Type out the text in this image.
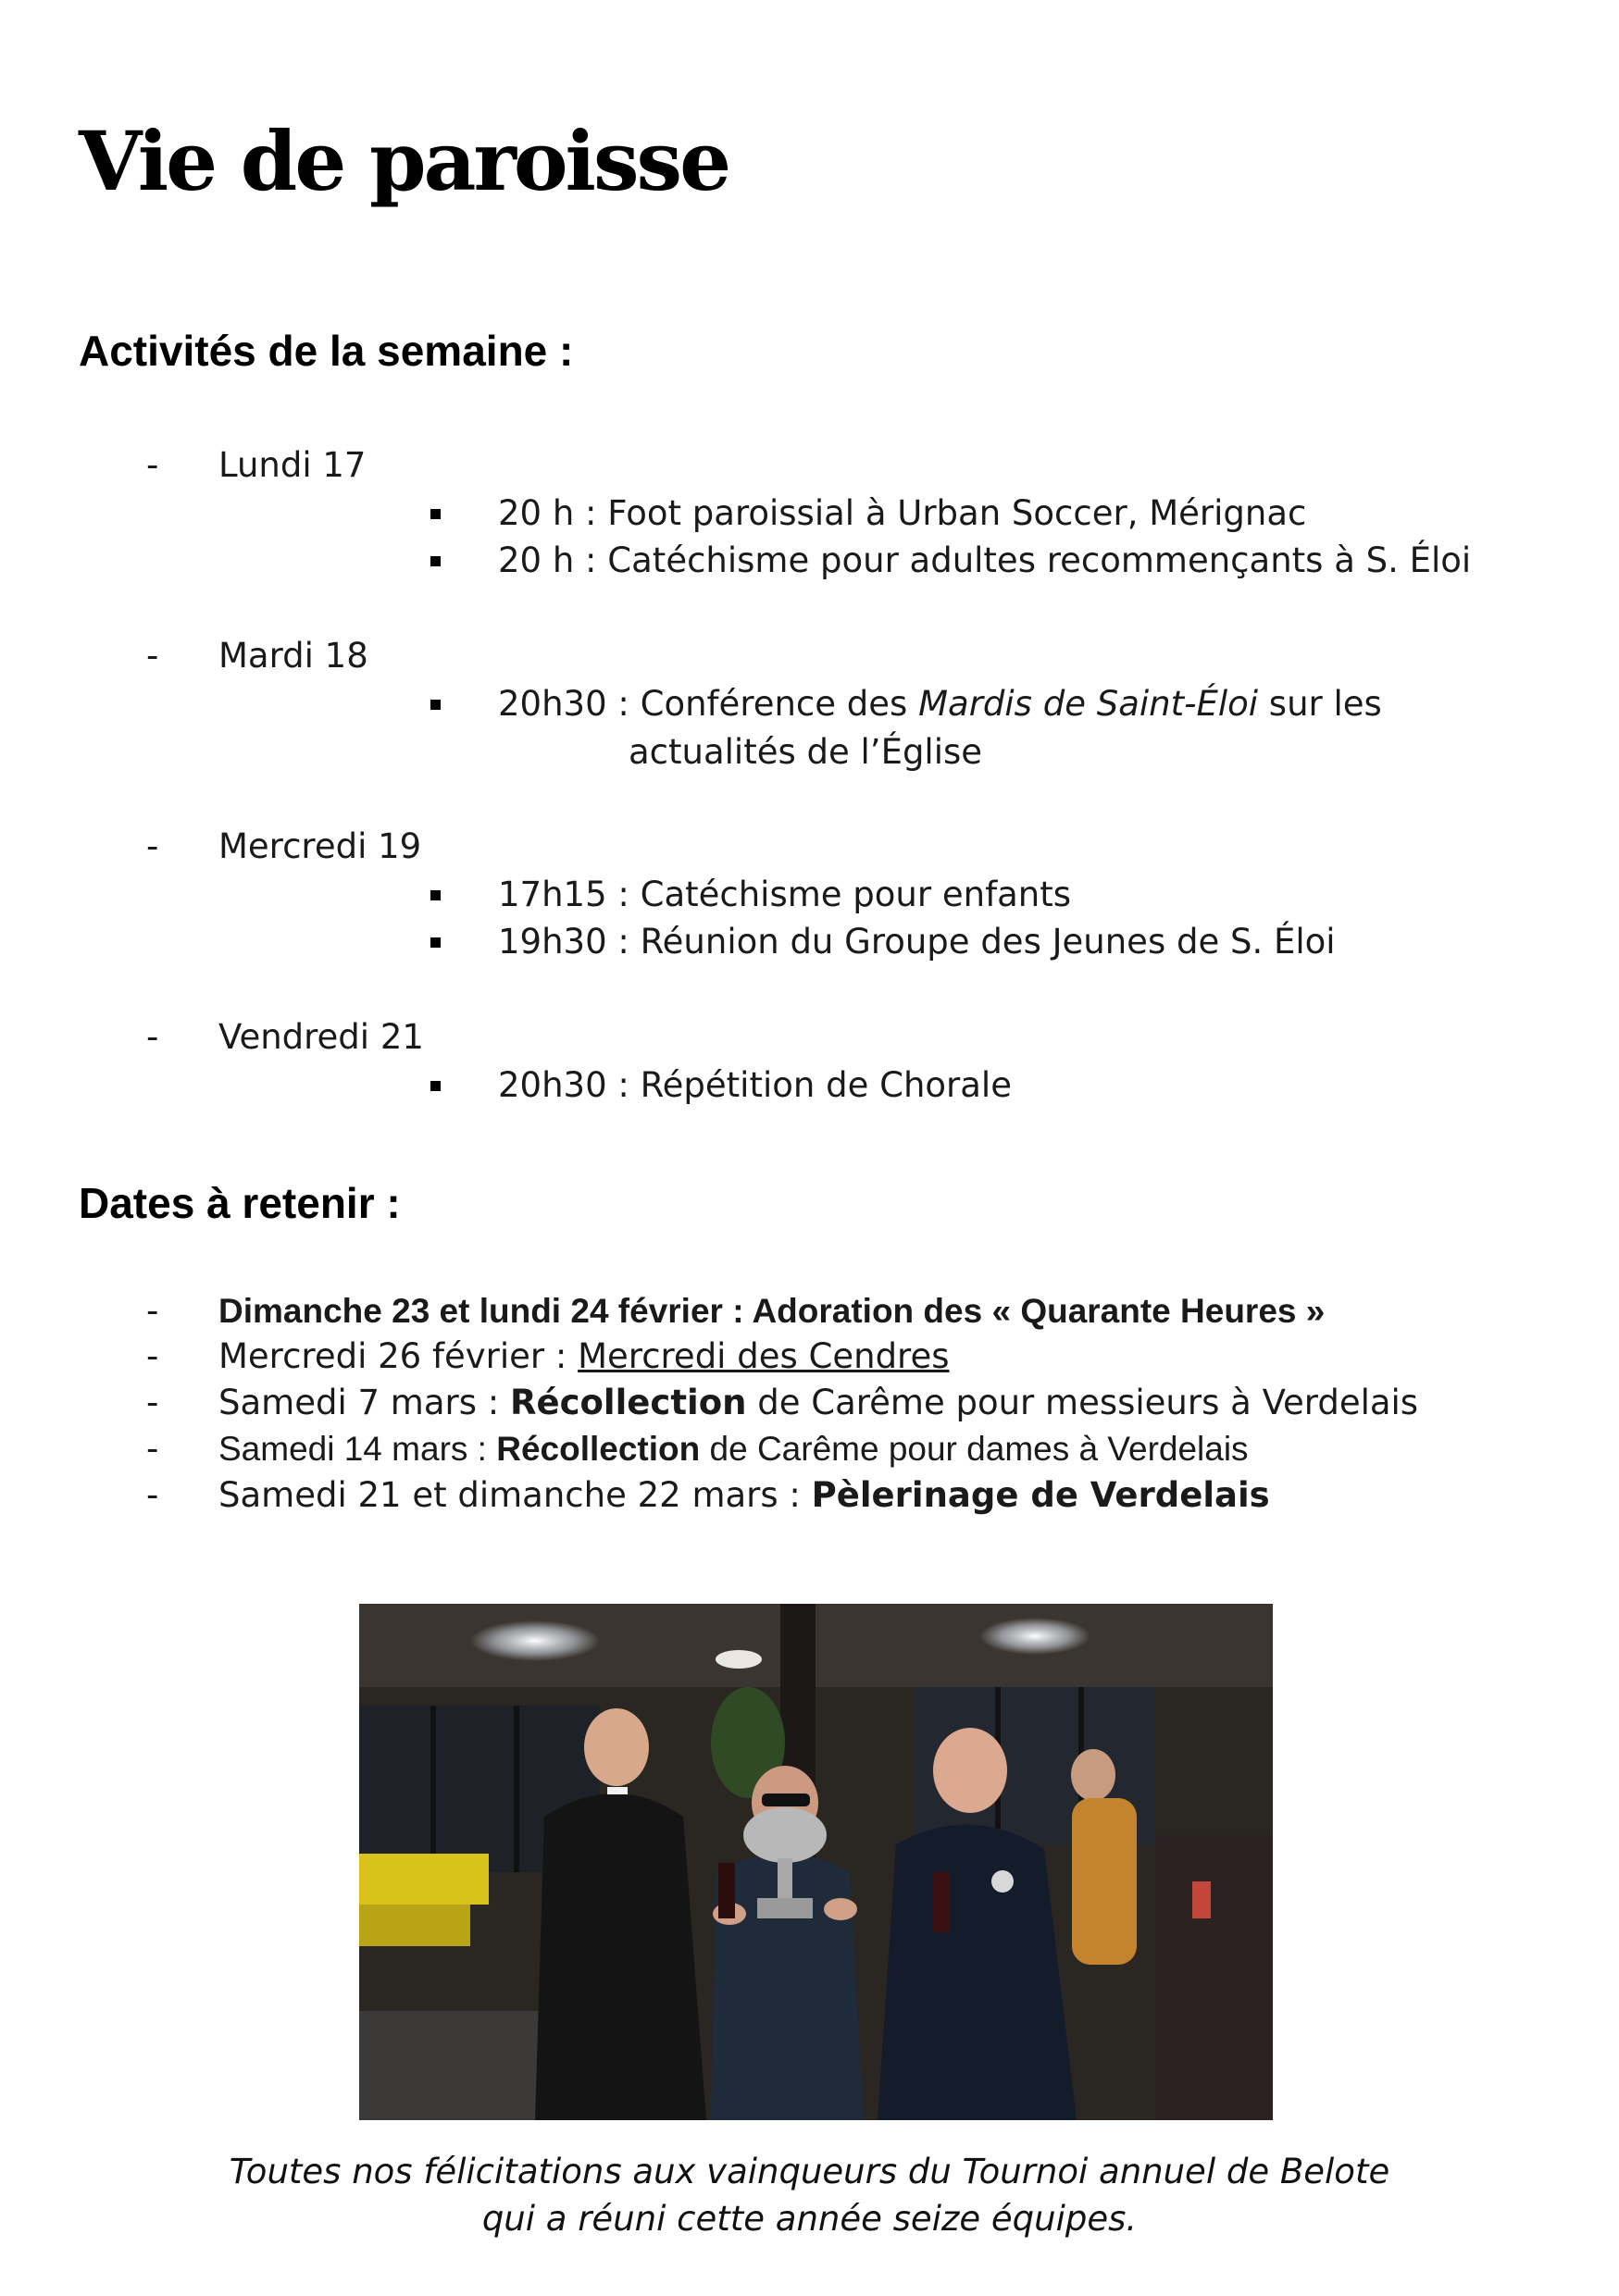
Vie de paroisse
Activités de la semaine :
- Lundi 17
20 h : Foot paroissial à Urban Soccer, Mérignac
20 h : Catéchisme pour adultes recommençants à S. Éloi
- Mardi 18
20h30 : Conférence des Mardis de Saint-Éloi sur les
actualités de l’Église
- Mercredi 19
17h15 : Catéchisme pour enfants
19h30 : Réunion du Groupe des Jeunes de S. Éloi
- Vendredi 21
20h30 : Répétition de Chorale
Dates à retenir :
- Dimanche 23 et lundi 24 février : Adoration des « Quarante Heures »
- Mercredi 26 février : Mercredi des Cendres
- Samedi 7 mars : Récollection de Carême pour messieurs à Verdelais
- Samedi 14 mars : Récollection de Carême pour dames à Verdelais
- Samedi 21 et dimanche 22 mars : Pèlerinage de Verdelais
Toutes nos félicitations aux vainqueurs du Tournoi annuel de Belote
qui a réuni cette année seize équipes.
